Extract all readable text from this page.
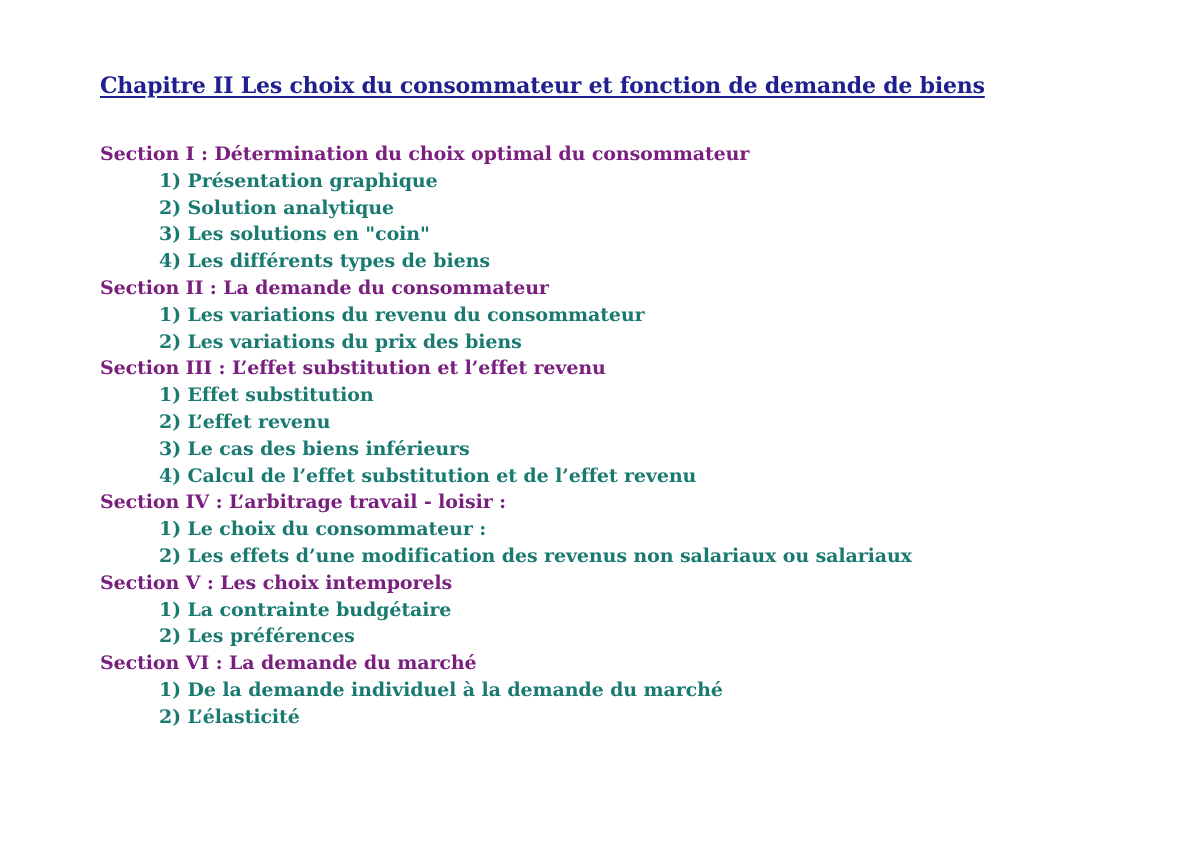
Chapitre II Les choix du consommateur et fonction de demande de biens
Section I : Détermination du choix optimal du consommateur
1) Présentation graphique
2) Solution analytique
3) Les solutions en "coin"
4) Les différents types de biens
Section II : La demande du consommateur
1) Les variations du revenu du consommateur
2) Les variations du prix des biens
Section III : L’effet substitution et l’effet revenu
1) Effet substitution
2) L’effet revenu
3) Le cas des biens inférieurs
4) Calcul de l’effet substitution et de l’effet revenu
Section IV : L’arbitrage travail - loisir :
1) Le choix du consommateur :
2) Les effets d’une modification des revenus non salariaux ou salariaux
Section V : Les choix intemporels
1) La contrainte budgétaire
2) Les préférences
Section VI : La demande du marché
1) De la demande individuel à la demande du marché
2) L’élasticité
